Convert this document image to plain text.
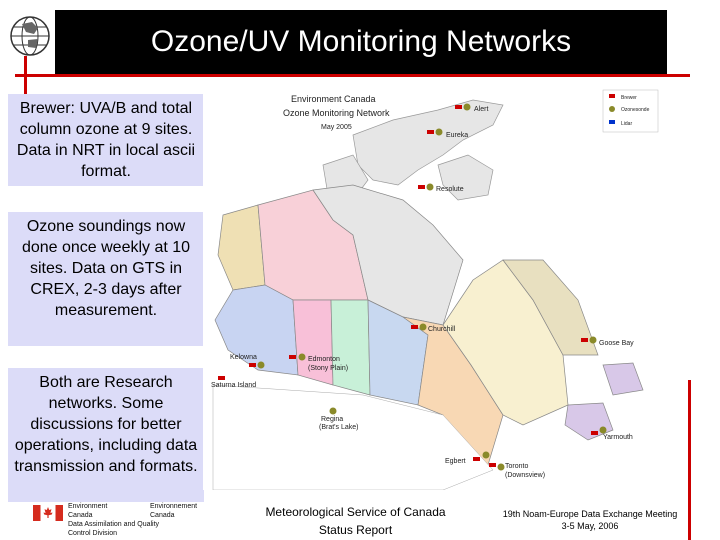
Ozone/UV Monitoring Networks
Brewer: UVA/B and total column ozone at 9 sites. Data in NRT in local ascii format.
Ozone soundings now done once weekly at 10 sites. Data on GTS in CREX, 2-3 days after measurement.
Both are Research networks. Some discussions for better operations, including data transmission and formats.
Environment Canada
Ozone Monitoring Network
May 2005
Brewer
Ozonesonde
Lidar
Alert
Eureka
Resolute
Churchill
Goose Bay
Kelowna	Edmonton
(Stony Plain)
Saturna Island
Regina
(Brat's Lake)
Egbert
Toronto
(Downsview)
Yarmouth
Environment	Environnement
Canada	Canada
Data Assimilation and Quality
Control Division
Meteorological Service of Canada
Status Report
19th Noam-Europe Data Exchange Meeting
3-5 May, 2006
